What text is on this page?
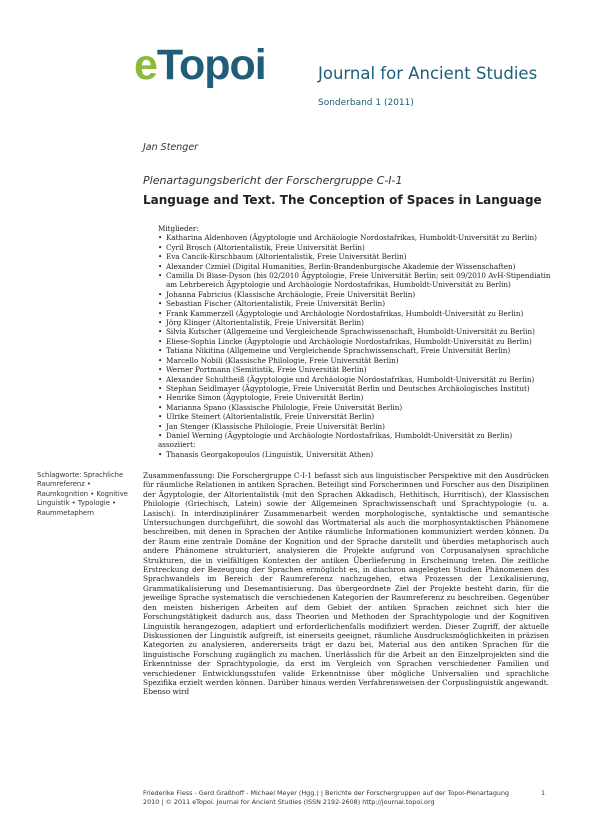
eTopoi	Journal for Ancient Studies
Sonderband 1 (2011)
Jan Stenger
Plenartagungsbericht der Forschergruppe C-I-1
Language and Text. The Conception of Spaces in Language

Mitglieder:

• Katharina Aldenhoven (Ägyptologie und Archäologie Nordostafrikas, Humboldt-Universität zu Berlin)
• Cyril Brosch (Altorientalistik, Freie Universität Berlin)
• Eva Cancik-Kirschbaum (Altorientalistik, Freie Universität Berlin)
• Alexander Czmiel (Digital Humanities, Berlin-Brandenburgische Akademie der Wissenschaften)
• Camilla Di Biase-Dyson (bis 02/2010 Ägyptologie, Freie Universität Berlin; seit 09/2010 AvH-Stipendiatin am Lehrbereich Ägyptologie und Archäologie Nordostafrikas, Humboldt-Universität zu Berlin)
• Johanna Fabricius (Klassische Archäologie, Freie Universität Berlin)
• Sebastian Fischer (Altorientalistik, Freie Universität Berlin)
• Frank Kammerzell (Ägyptologie und Archäologie Nordostafrikas, Humboldt-Universität zu Berlin)
• Jörg Klinger (Altorientalistik, Freie Universität Berlin)
• Silvia Kutscher (Allgemeine und Vergleichende Sprachwissenschaft, Humboldt-Universität zu Berlin)
• Eliese-Sophia Lincke (Ägyptologie und Archäologie Nordostafrikas, Humboldt-Universität zu Berlin)
• Tatiana Nikitina (Allgemeine und Vergleichende Sprachwissenschaft, Freie Universität Berlin)
• Marcello Nobili (Klassische Philologie, Freie Universität Berlin)
• Werner Portmann (Semitistik, Freie Universität Berlin)
• Alexander Schultheiß (Ägyptologie und Archäologie Nordostafrikas, Humboldt-Universität zu Berlin)
• Stephan Seidlmayer (Ägyptologie, Freie Universität Berlin und Deutsches Archäologisches Institut)
• Henrike Simon (Ägyptologie, Freie Universität Berlin)
• Marianna Spano (Klassische Philologie, Freie Universität Berlin)
• Ulrike Steinert (Altorientalistik, Freie Universität Berlin)
• Jan Stenger (Klassische Philologie, Freie Universität Berlin)
• Daniel Werning (Ägyptologie und Archäologie Nordostafrikas, Humboldt-Universität zu Berlin)

assoziiert:

• Thanasis Georgakopoulos (Linguistik, Universität Athen)
Schlagworte: Sprachliche Raumreferenz • Raumkognition • Kognitive Linguistik • Typologie • Raummetaphern

Zusammenfassung: Die Forschergruppe C-I-1 befasst sich aus linguistischer Perspektive mit den Ausdrücken für räumliche Relationen in antiken Sprachen. Beteiligt sind Forscherinnen und Forscher aus den Disziplinen der Ägyptologie, der Altorientalistik (mit den Sprachen Akkadisch, Hethitisch, Hurritisch), der Klassischen Philologie (Griechisch, Latein) sowie der Allgemeinen Sprachwissenschaft und Sprachtypologie (u. a. Lasisch). In interdisziplinärer Zusammenarbeit werden morphologische, syntaktische und semantische Untersuchungen durchgeführt, die sowohl das Wortmaterial als auch die morphosyntaktischen Phänomene beschreiben, mit denen in Sprachen der Antike räumliche Informationen kommuniziert werden können. Da der Raum eine zentrale Domäne der Kognition und der Sprache darstellt und überdies metaphorisch auch andere Phänomene strukturiert, analysieren die Projekte aufgrund von Corpusanalysen sprachliche Strukturen, die in vielfältigen Kontexten der antiken Überlieferung in Erscheinung treten. Die zeitliche Erstreckung der Bezeugung der Sprachen ermöglicht es, in diachron angelegten Studien Phänomenen des Sprachwandels im Bereich der Raumreferenz nachzugehen, etwa Prozessen der Lexikalisierung, Grammatikalisierung und Desemantisierung. Das übergeordnete Ziel der Projekte besteht darin, für die jeweilige Sprache systematisch die verschiedenen Kategorien der Raumreferenz zu beschreiben. Gegenüber den meisten bisherigen Arbeiten auf dem Gebiet der antiken Sprachen zeichnet sich hier die Forschungstätigkeit dadurch aus, dass Theorien und Methoden der Sprachtypologie und der Kognitiven Linguistik herangezogen, adaptiert und erforderlichenfalls modifiziert werden. Dieser Zugriff, der aktuelle Diskussionen der Linguistik aufgreift, ist einerseits geeignet, räumliche Ausdrucksmöglichkeiten in präzisen Kategorien zu analysieren, andererseits trägt er dazu bei, Material aus den antiken Sprachen für die linguistische Forschung zugänglich zu machen. Unerlässlich für die Arbeit an den Einzelprojekten sind die Erkenntnisse der Sprachtypologie, da erst im Vergleich von Sprachen verschiedener Familien und verschiedener Entwicklungsstufen valide Erkenntnisse über mögliche Universalien und sprachliche Spezifika erzielt werden können. Darüber hinaus werden Verfahrensweisen der Corpuslinguistik angewandt. Ebenso wird

Friederike Fless - Gerd Graßhoff - Michael Meyer (Hgg.) | Berichte der Forschergruppen auf der Topoi-Plenartagung 2010 | © 2011 eTopoi. Journal for Ancient Studies (ISSN 2192-2608) http://journal.topoi.org
1
